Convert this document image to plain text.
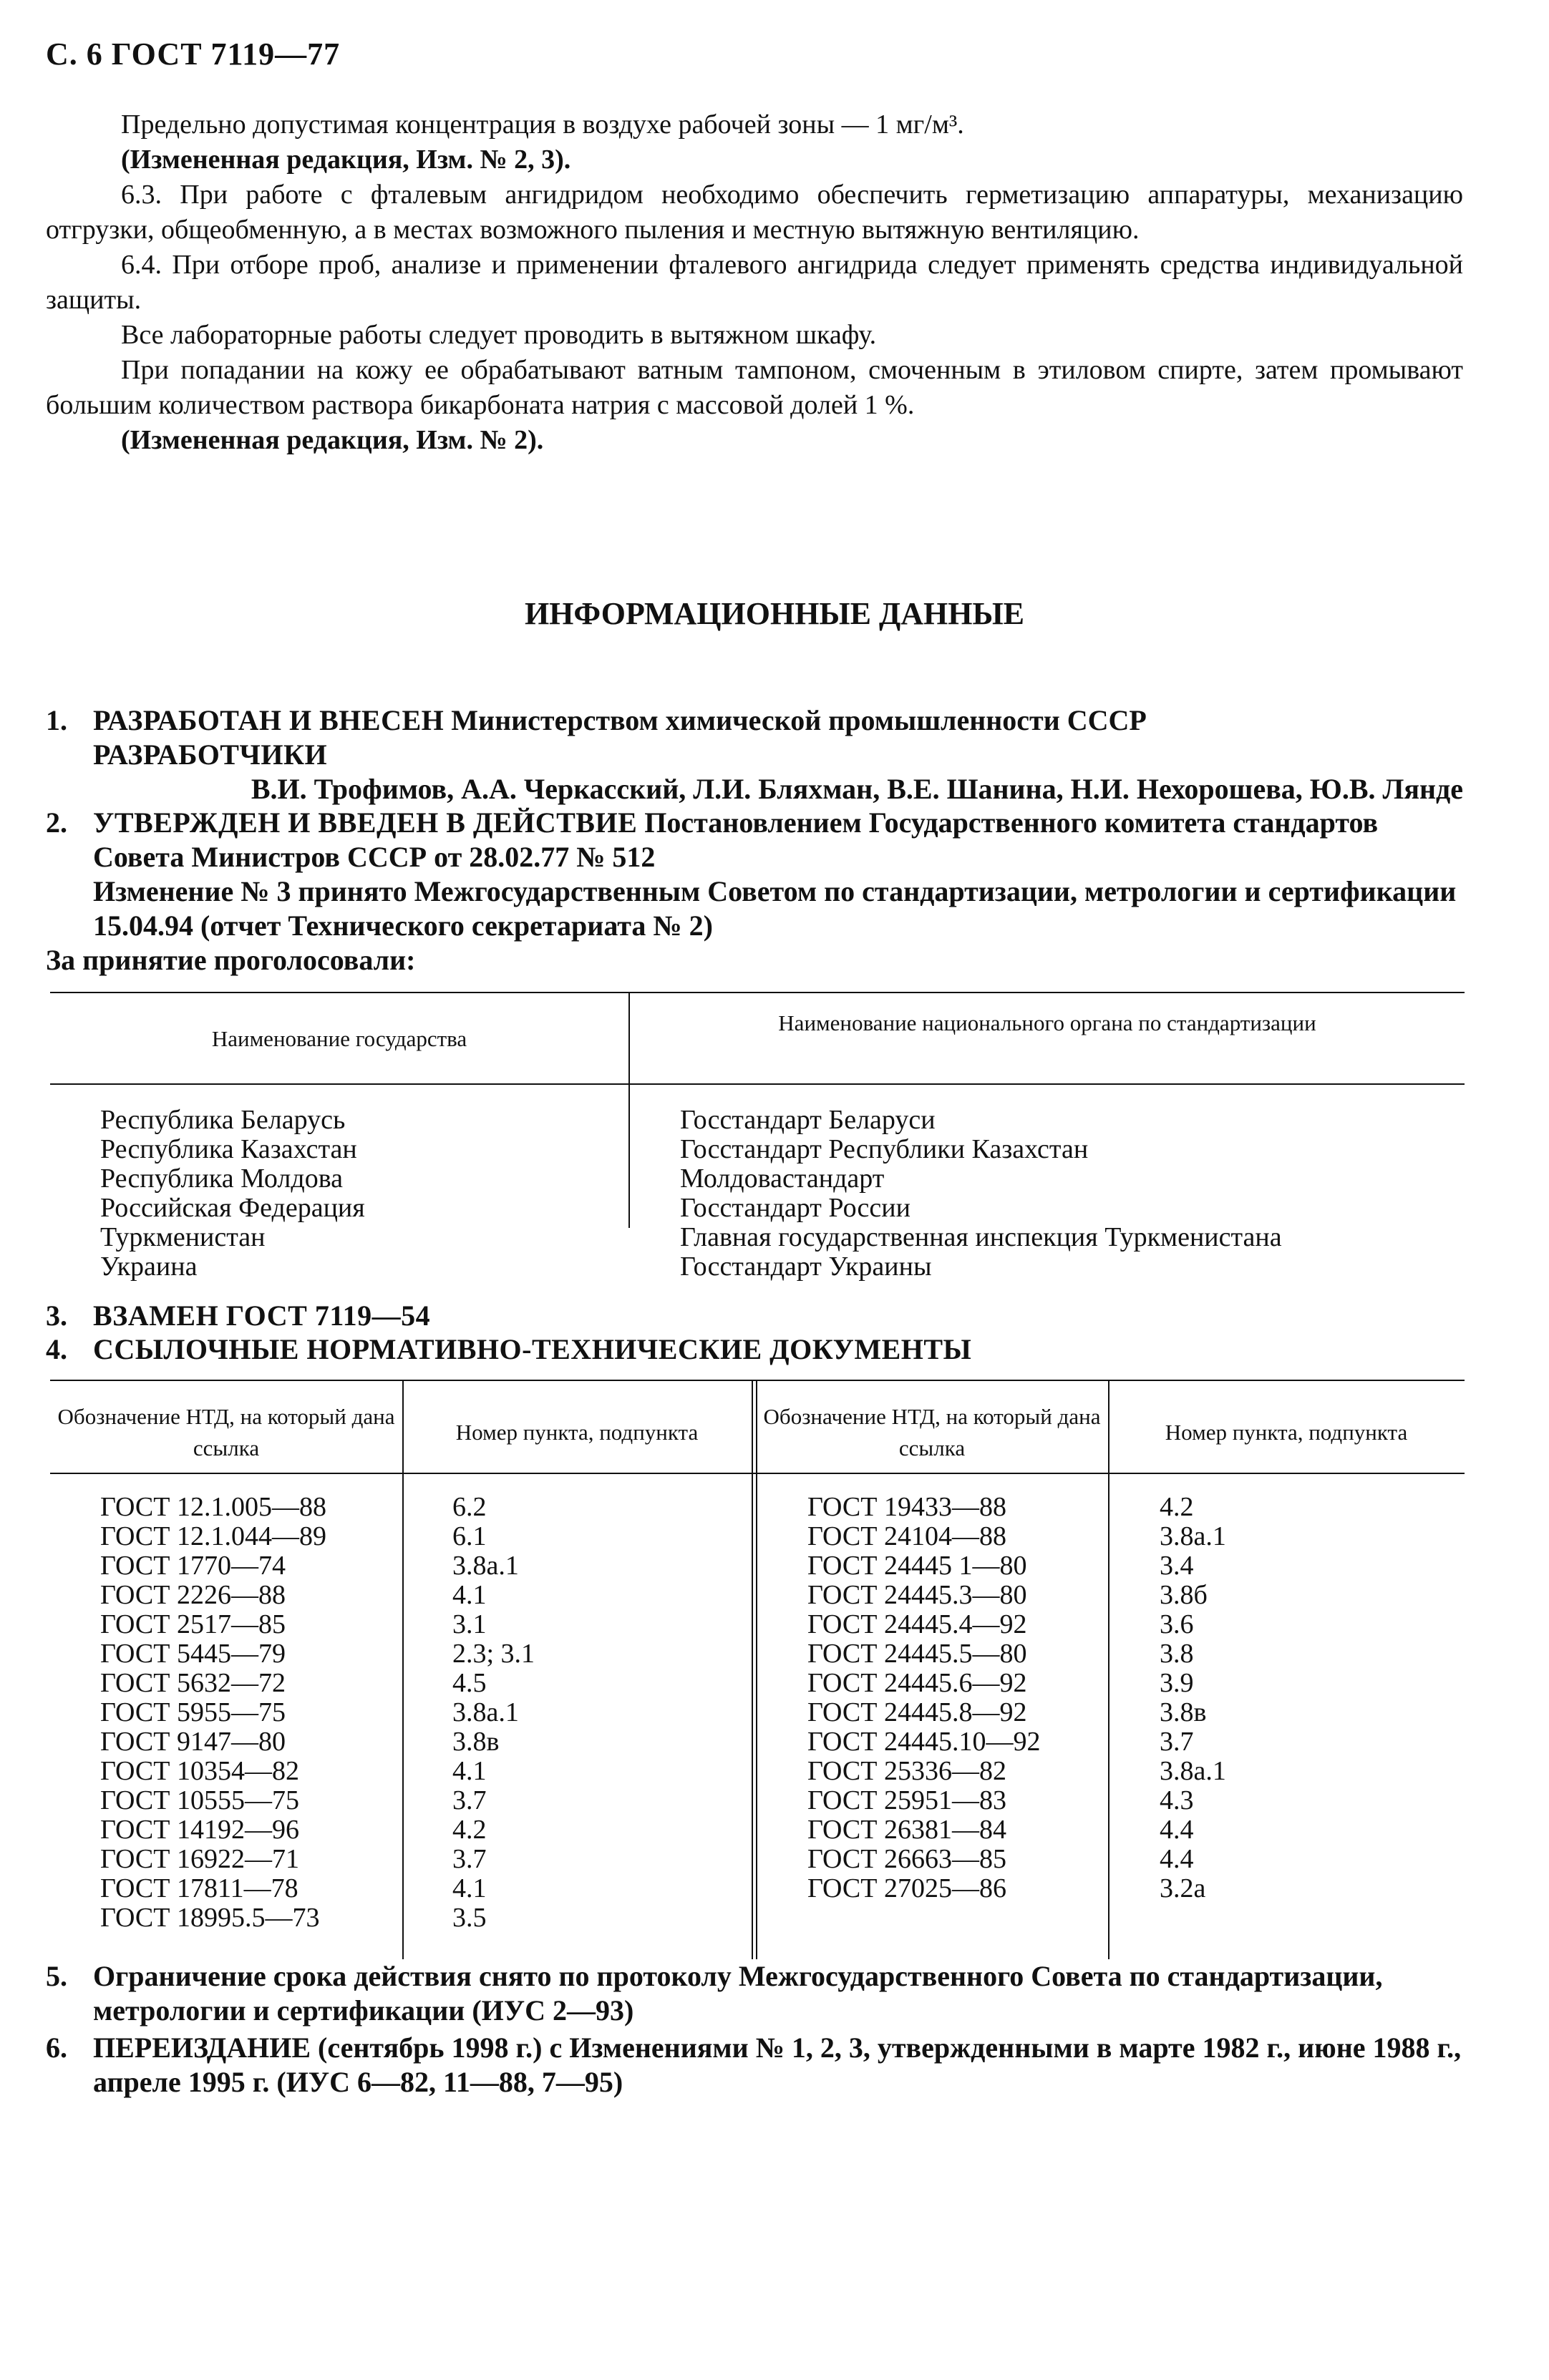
С. 6 ГОСТ 7119—77

Предельно допустимая концентрация в воздухе рабочей зоны — 1 мг/м³.

(Измененная редакция, Изм. № 2, 3).

6.3. При работе с фталевым ангидридом необходимо обеспечить герметизацию аппаратуры, механизацию отгрузки, общеобменную, а в местах возможного пыления и местную вытяжную вентиляцию.

6.4. При отборе проб, анализе и применении фталевого ангидрида следует применять средства индивидуальной защиты.

Все лабораторные работы следует проводить в вытяжном шкафу.

При попадании на кожу ее обрабатывают ватным тампоном, смоченным в этиловом спирте, затем промывают большим количеством раствора бикарбоната натрия с массовой долей 1 %.

(Измененная редакция, Изм. № 2).

ИНФОРМАЦИОННЫЕ ДАННЫЕ
1. РАЗРАБОТАН И ВНЕСЕН Министерством химической промышленности СССР
РАЗРАБОТЧИКИ
В.И. Трофимов, А.А. Черкасский, Л.И. Бляхман, В.Е. Шанина, Н.И. Нехорошева, Ю.В. Лянде
2. УТВЕРЖДЕН И ВВЕДЕН В ДЕЙСТВИЕ Постановлением Государственного комитета стандартов Совета Министров СССР от 28.02.77 № 512
Изменение № 3 принято Межгосударственным Советом по стандартизации, метрологии и сертификации 15.04.94 (отчет Технического секретариата № 2)
За принятие проголосовали:
Наименование государства
Наименование национального органа по стандартизации
Республика Беларусь	Госстандарт Беларуси
Республика Казахстан	Госстандарт Республики Казахстан
Республика Молдова	Молдовастандарт
Российская Федерация	Госстандарт России
Туркменистан	Главная государственная инспекция Туркменистана
Украина	Госстандарт Украины
3. ВЗАМЕН ГОСТ 7119—54
4. ССЫЛОЧНЫЕ НОРМАТИВНО-ТЕХНИЧЕСКИЕ ДОКУМЕНТЫ
Обозначение НТД, на который дана ссылка
Номер пункта, подпункта
Обозначение НТД, на который дана ссылка
Номер пункта, подпункта
ГОСТ 12.1.005—88	6.2
ГОСТ 12.1.044—89	6.1
ГОСТ 1770—74	3.8а.1
ГОСТ 2226—88	4.1
ГОСТ 2517—85	3.1
ГОСТ 5445—79	2.3; 3.1
ГОСТ 5632—72	4.5
ГОСТ 5955—75	3.8а.1
ГОСТ 9147—80	3.8в
ГОСТ 10354—82	4.1
ГОСТ 10555—75	3.7
ГОСТ 14192—96	4.2
ГОСТ 16922—71	3.7
ГОСТ 17811—78	4.1
ГОСТ 18995.5—73	3.5
ГОСТ 19433—88	4.2
ГОСТ 24104—88	3.8а.1
ГОСТ 24445 1—80	3.4
ГОСТ 24445.3—80	3.8б
ГОСТ 24445.4—92	3.6
ГОСТ 24445.5—80	3.8
ГОСТ 24445.6—92	3.9
ГОСТ 24445.8—92	3.8в
ГОСТ 24445.10—92	3.7
ГОСТ 25336—82	3.8а.1
ГОСТ 25951—83	4.3
ГОСТ 26381—84	4.4
ГОСТ 26663—85	4.4
ГОСТ 27025—86	3.2а
5. Ограничение срока действия снято по протоколу Межгосударственного Совета по стандартизации, метрологии и сертификации (ИУС 2—93)
6. ПЕРЕИЗДАНИЕ (сентябрь 1998 г.) с Изменениями № 1, 2, 3, утвержденными в марте 1982 г., июне 1988 г., апреле 1995 г. (ИУС 6—82, 11—88, 7—95)
